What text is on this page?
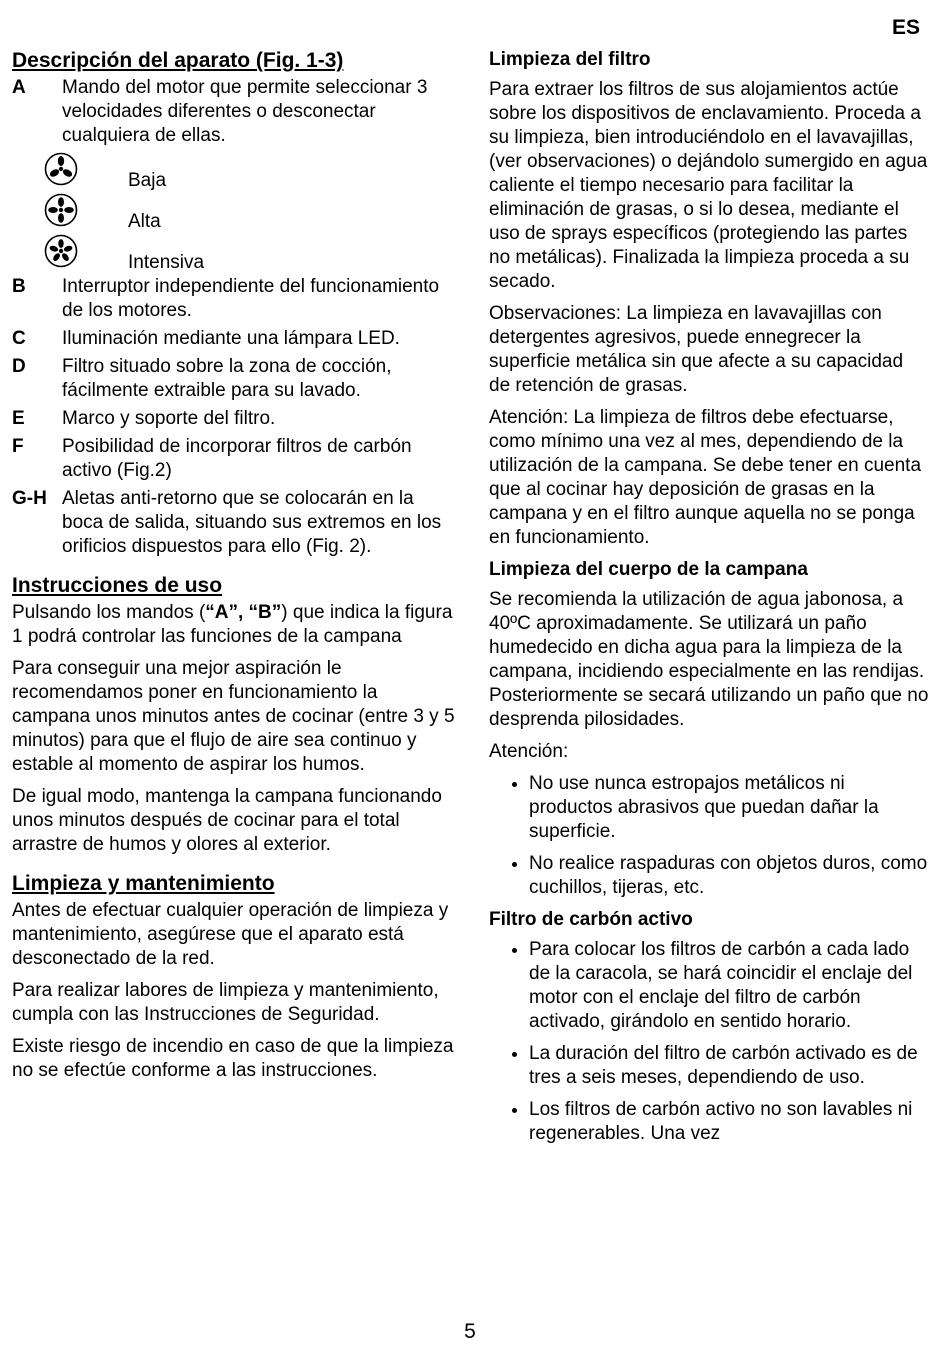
ES
Descripción del aparato (Fig. 1-3)
A	Mando del motor que permite seleccionar 3 velocidades diferentes o desconectar cualquiera de ellas.
Baja
Alta
Intensiva
B	Interruptor independiente del funcionamiento de los motores.
C	Iluminación mediante una lámpara LED.
D	Filtro situado sobre la zona de cocción, fácilmente extraible para su lavado.
E	Marco y soporte del filtro.
F	Posibilidad de incorporar filtros de carbón activo (Fig.2)
G-H Aletas anti-retorno que se colocarán en la boca de salida, situando sus extremos en los orificios dispuestos para ello (Fig. 2).
Instrucciones de uso

Pulsando los mandos (“A”, “B”) que indica la figura 1 podrá controlar las funciones de la campana

Para conseguir una mejor aspiración le recomendamos poner en funcionamiento la campana unos minutos antes de cocinar (entre 3 y 5 minutos) para que el flujo de aire sea continuo y estable al momento de aspirar los humos.

De igual modo, mantenga la campana funcionando unos minutos después de cocinar para el total arrastre de humos y olores al exterior.

Limpieza y mantenimiento

Antes de efectuar cualquier operación de limpieza y mantenimiento, asegúrese que el aparato está desconectado de la red.

Para realizar labores de limpieza y mantenimiento, cumpla con las Instrucciones de Seguridad.

Existe riesgo de incendio en caso de que la limpieza no se efectúe conforme a las instrucciones.

Limpieza del filtro

Para extraer los filtros de sus alojamientos actúe sobre los dispositivos de enclavamiento. Proceda a su limpieza, bien introduciéndolo en el lavavajillas, (ver observaciones) o dejándolo sumergido en agua caliente el tiempo necesario para facilitar la eliminación de grasas, o si lo desea, mediante el uso de sprays específicos (protegiendo las partes no metálicas). Finalizada la limpieza proceda a su secado.

Observaciones: La limpieza en lavavajillas con detergentes agresivos, puede ennegrecer la superficie metálica sin que afecte a su capacidad de retención de grasas.

Atención: La limpieza de filtros debe efectuarse, como mínimo una vez al mes, dependiendo de la utilización de la campana. Se debe tener en cuenta que al cocinar hay deposición de grasas en la campana y en el filtro aunque aquella no se ponga en funcionamiento.

Limpieza del cuerpo de la campana

Se recomienda la utilización de agua jabonosa, a 40ºC aproximadamente. Se utilizará un paño humedecido en dicha agua para la limpieza de la campana, incidiendo especialmente en las rendijas. Posteriormente se secará utilizando un paño que no desprenda pilosidades.

Atención:

• No use nunca estropajos metálicos ni productos abrasivos que puedan dañar la superficie.
• No realice raspaduras con objetos duros, como cuchillos, tijeras, etc.
Filtro de carbón activo
• Para colocar los filtros de carbón a cada lado de la caracola, se hará coincidir el enclaje del motor con el enclaje del filtro de carbón activado, girándolo en sentido horario.
• La duración del filtro de carbón activado es de tres a seis meses, dependiendo de uso.
• Los filtros de carbón activo no son lavables ni regenerables. Una vez
5
